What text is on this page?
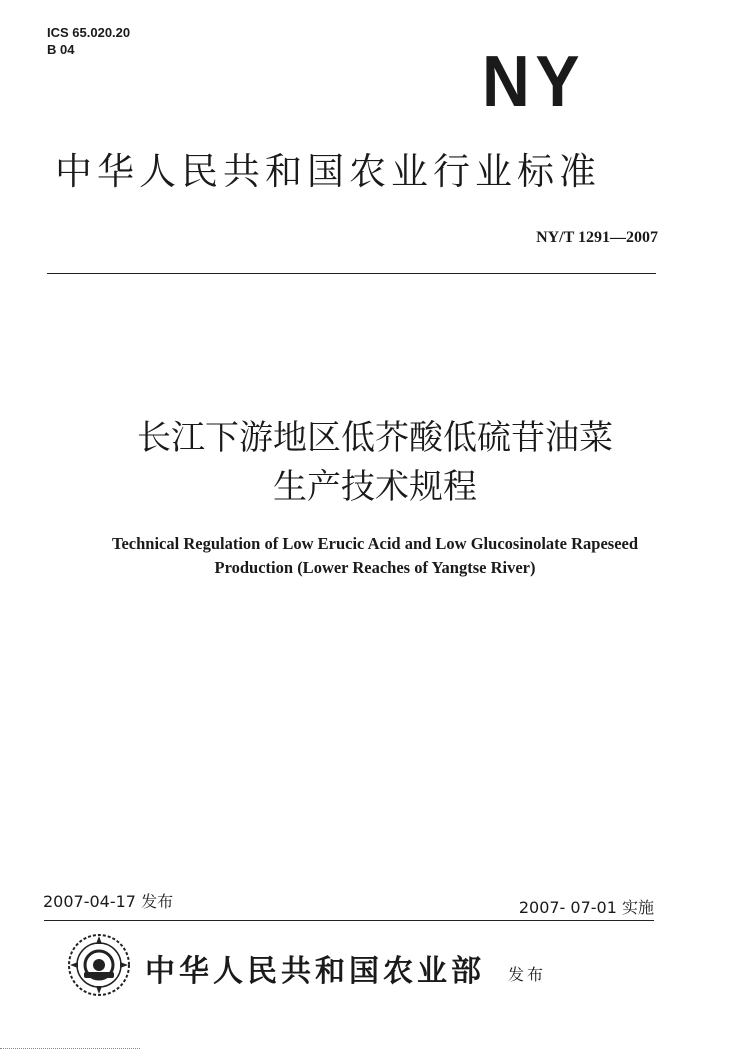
ICS 65.020.20
B 04	NY
中华人民共和国农业行业标准
NY/T 1291—2007
长江下游地区低芥酸低硫苷油菜
生产技术规程
Technical Regulation of Low Erucic Acid and Low Glucosinolate Rapeseed
Production (Lower Reaches of Yangtse River)
2007-04-17 发布	2007- 07-01 实施
中华人民共和国农业部 发布
